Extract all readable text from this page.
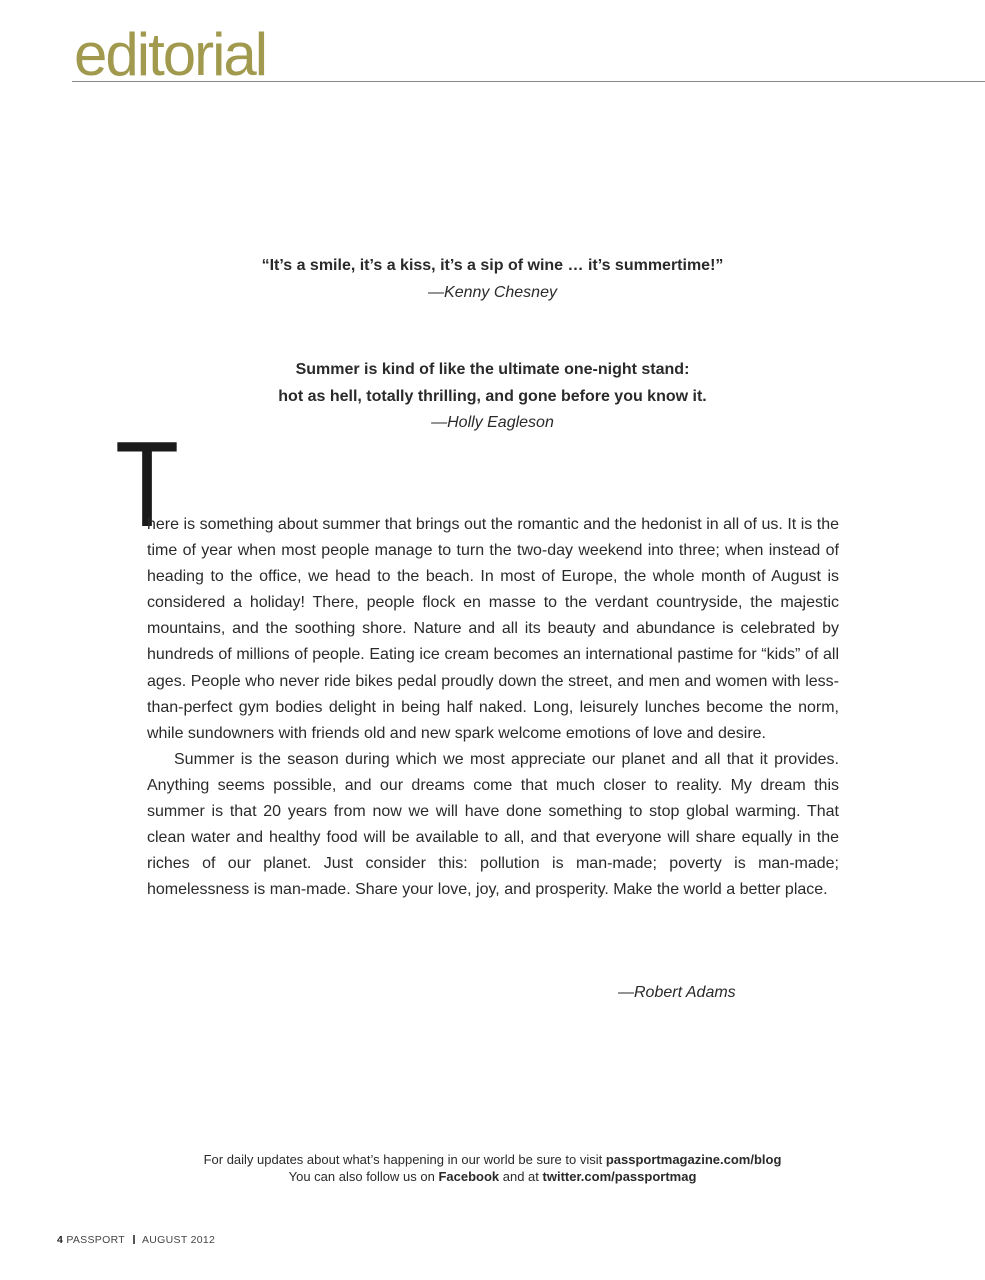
editorial
“It’s a smile, it’s a kiss, it’s a sip of wine … it’s summertime!”
—Kenny Chesney
Summer is kind of like the ultimate one-night stand:
hot as hell, totally thrilling, and gone before you know it.
—Holly Eagleson
T

here is something about summer that brings out the romantic and the hedonist in all of us. It is the time of year when most people manage to turn the two-day weekend into three; when instead of heading to the office, we head to the beach. In most of Europe, the whole month of August is considered a holiday! There, people flock en masse to the verdant countryside, the majestic mountains, and the soothing shore. Nature and all its beauty and abundance is celebrated by hundreds of millions of people. Eating ice cream becomes an international pastime for “kids” of all ages. People who never ride bikes pedal proudly down the street, and men and women with less-than-perfect gym bodies delight in being half naked. Long, leisurely lunches become the norm, while sundowners with friends old and new spark welcome emotions of love and desire.

Summer is the season during which we most appreciate our planet and all that it provides. Anything seems possible, and our dreams come that much closer to reality. My dream this summer is that 20 years from now we will have done something to stop global warming. That clean water and healthy food will be available to all, and that everyone will share equally in the riches of our planet. Just consider this: pollution is man-made; poverty is man-made; homelessness is man-made. Share your love, joy, and prosperity. Make the world a better place.

—Robert Adams
For daily updates about what’s happening in our world be sure to visit passportmagazine.com/blog
You can also follow us on Facebook and at twitter.com/passportmag
4 PASSPORT AUGUST 2012
